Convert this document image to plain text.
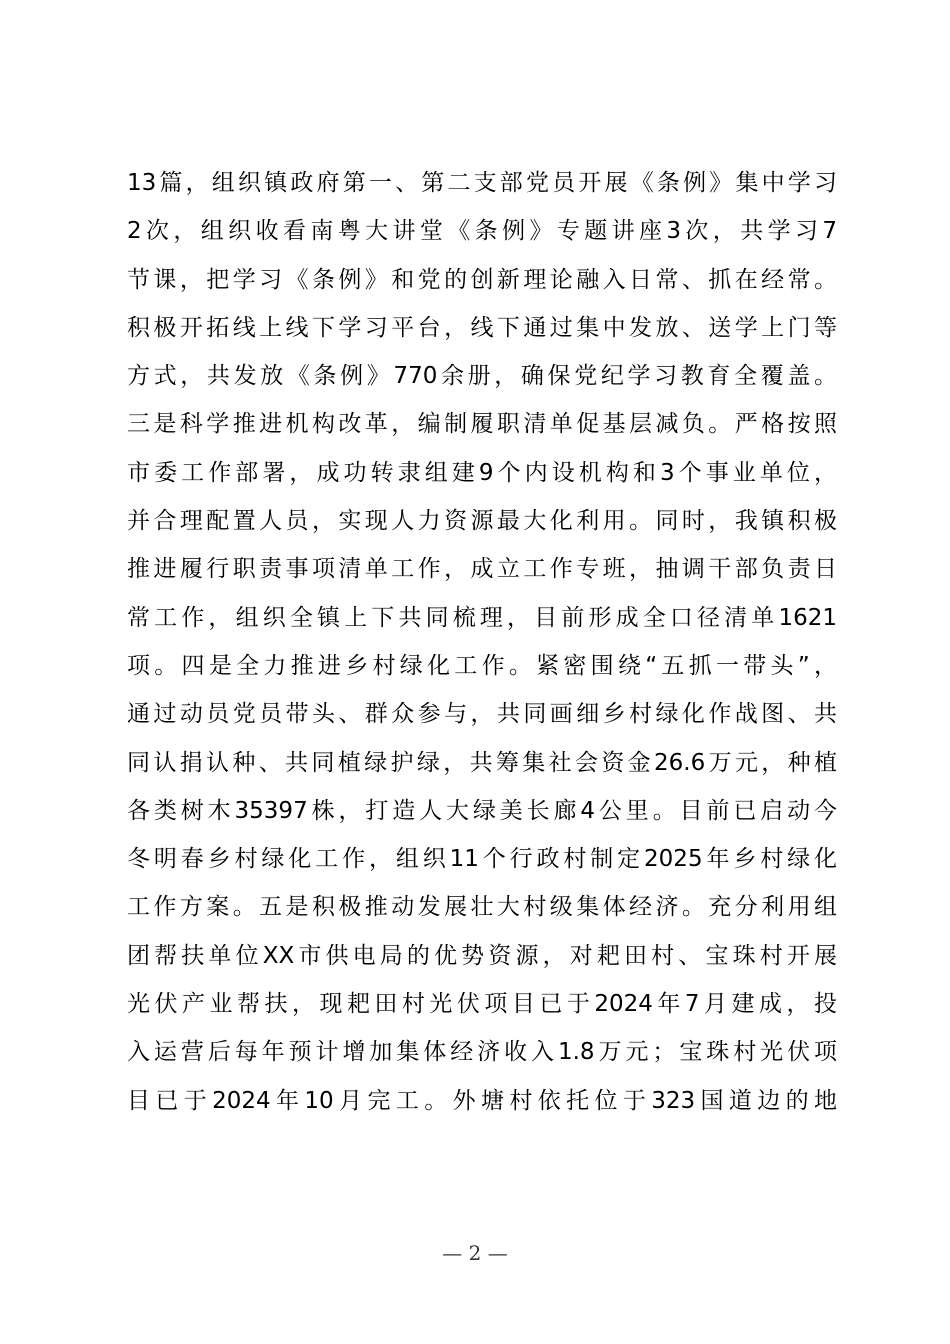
13篇，组织镇政府第一、第二支部党员开展《条例》集中学习
2次，组织收看南粤大讲堂《条例》专题讲座3次，共学习7
节课，把学习《条例》和党的创新理论融入日常、抓在经常。
积极开拓线上线下学习平台，线下通过集中发放、送学上门等
方式，共发放《条例》770余册，确保党纪学习教育全覆盖。
三是科学推进机构改革，编制履职清单促基层减负。严格按照
市委工作部署，成功转隶组建9个内设机构和3个事业单位，
并合理配置人员，实现人力资源最大化利用。同时，我镇积极
推进履行职责事项清单工作，成立工作专班，抽调干部负责日
常工作，组织全镇上下共同梳理，目前形成全口径清单1621
项。四是全力推进乡村绿化工作。紧密围绕“五抓一带头”，
通过动员党员带头、群众参与，共同画细乡村绿化作战图、共
同认捐认种、共同植绿护绿，共筹集社会资金26.6万元，种植
各类树木35397株，打造人大绿美长廊4公里。目前已启动今
冬明春乡村绿化工作，组织11个行政村制定2025年乡村绿化
工作方案。五是积极推动发展壮大村级集体经济。充分利用组
团帮扶单位XX市供电局的优势资源，对耙田村、宝珠村开展
光伏产业帮扶，现耙田村光伏项目已于2024年7月建成，投
入运营后每年预计增加集体经济收入1.8万元；宝珠村光伏项
目已于2024年10月完工。外塘村依托位于323国道边的地
— 2 —
